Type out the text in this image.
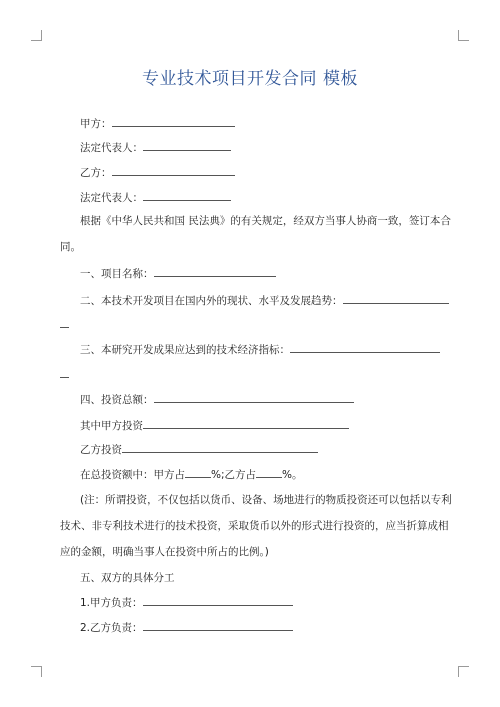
专业技术项目开发合同 模板
甲方：
法定代表人：
乙方：
法定代表人：
根据《中华人民共和国 民法典》的有关规定，经双方当事人协商一致，签订本合
同。
一、项目名称：
二、本技术开发项目在国内外的现状、水平及发展趋势：
三、本研究开发成果应达到的技术经济指标：
四、投资总额：
其中甲方投资
乙方投资
在总投资额中：甲方占 %;乙方占 %。
(注：所谓投资，不仅包括以货币、设备、场地进行的物质投资还可以包括以专利
技术、非专利技术进行的技术投资，采取货币以外的形式进行投资的，应当折算成相
应的金额，明确当事人在投资中所占的比例。)
五、双方的具体分工
1.甲方负责：
2.乙方负责：
